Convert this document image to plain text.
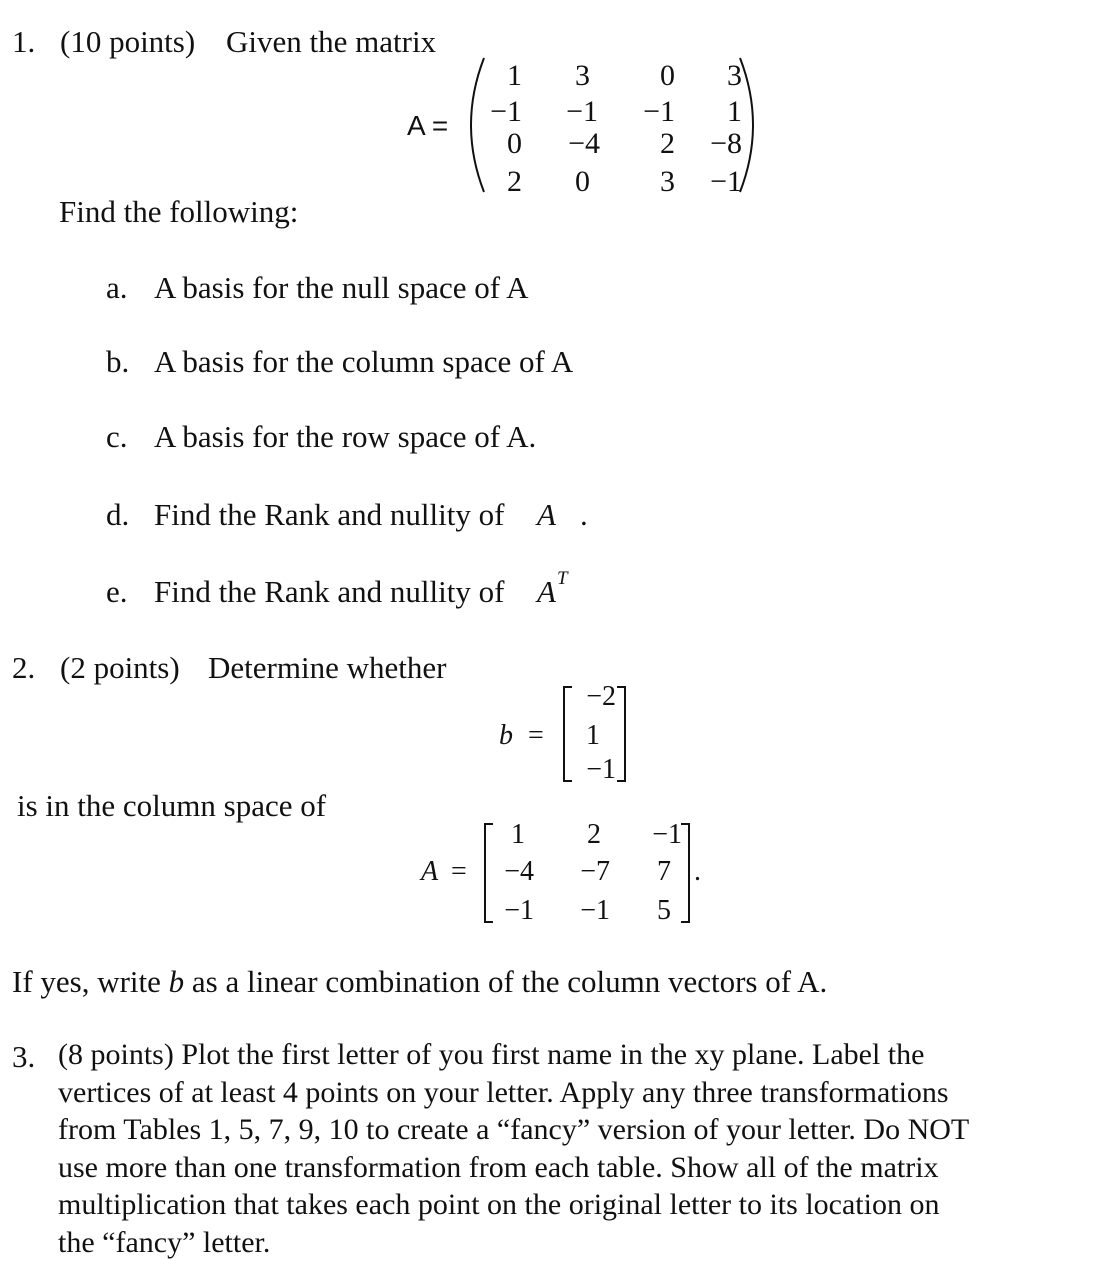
1. (10 points) Given the matrix
A =
1 3 0 3
−1 −1 −1 1
0 −4 2 −8
2 0 3 −1
Find the following:
a. A basis for the null space of A
b. A basis for the column space of A
c. A basis for the row space of A.
d. Find the Rank and nullity of A .
e. Find the Rank and nullity of A T
2. (2 points) Determine whether
b =
−2
1
−1
is in the column space of
A =
1 2 −1
−4 −7 7
−1 −1 5
.
If yes, write b as a linear combination of the column vectors of A.
3. (8 points) Plot the first letter of you first name in the xy plane. Label the
vertices of at least 4 points on your letter. Apply any three transformations
from Tables 1, 5, 7, 9, 10 to create a “fancy” version of your letter. Do NOT
use more than one transformation from each table. Show all of the matrix
multiplication that takes each point on the original letter to its location on
the “fancy” letter.
